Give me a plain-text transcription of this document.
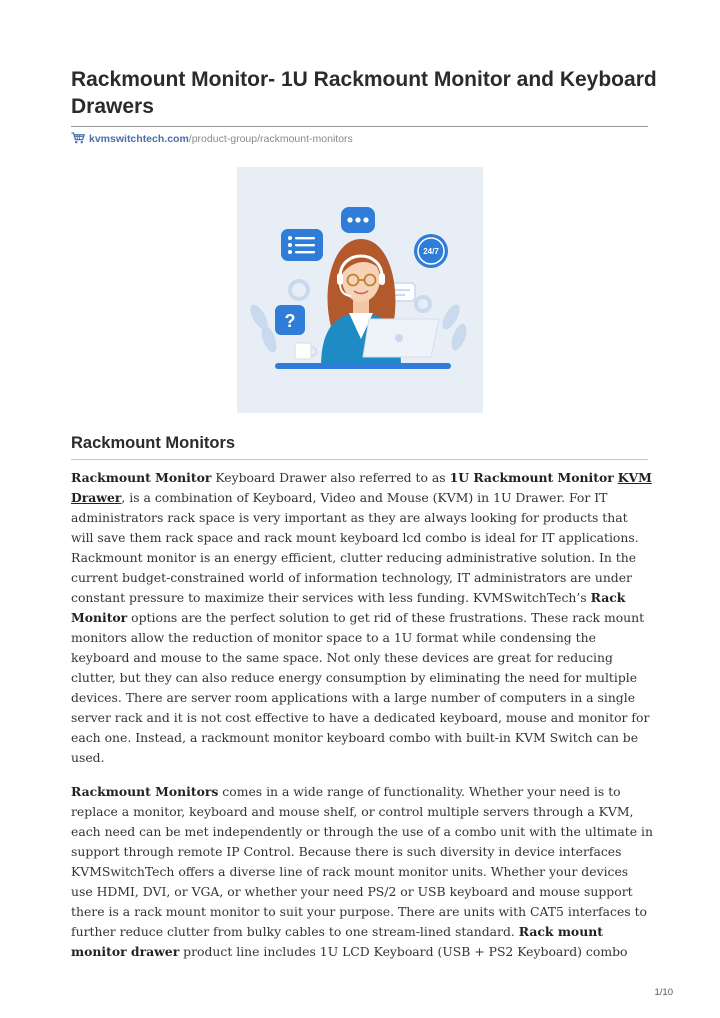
Rackmount Monitor- 1U Rackmount Monitor and Keyboard Drawers
kvmswitchtech.com/product-group/rackmount-monitors
24/7
?
Rackmount Monitors

Rackmount Monitor Keyboard Drawer also referred to as 1U Rackmount Monitor KVM Drawer, is a combination of Keyboard, Video and Mouse (KVM) in 1U Drawer. For IT administrators rack space is very important as they are always looking for products that will save them rack space and rack mount keyboard lcd combo is ideal for IT applications. Rackmount monitor is an energy efficient, clutter reducing administrative solution. In the current budget-constrained world of information technology, IT administrators are under constant pressure to maximize their services with less funding. KVMSwitchTech’s Rack Monitor options are the perfect solution to get rid of these frustrations. These rack mount monitors allow the reduction of monitor space to a 1U format while condensing the keyboard and mouse to the same space. Not only these devices are great for reducing clutter, but they can also reduce energy consumption by eliminating the need for multiple devices. There are server room applications with a large number of computers in a single server rack and it is not cost effective to have a dedicated keyboard, mouse and monitor for each one. Instead, a rackmount monitor keyboard combo with built-in KVM Switch can be used.

Rackmount Monitors comes in a wide range of functionality. Whether your need is to replace a monitor, keyboard and mouse shelf, or control multiple servers through a KVM, each need can be met independently or through the use of a combo unit with the ultimate in support through remote IP Control. Because there is such diversity in device interfaces KVMSwitchTech offers a diverse line of rack mount monitor units. Whether your devices use HDMI, DVI, or VGA, or whether your need PS/2 or USB keyboard and mouse support there is a rack mount monitor to suit your purpose. There are units with CAT5 interfaces to further reduce clutter from bulky cables to one stream-lined standard. Rack mount monitor drawer product line includes 1U LCD Keyboard (USB + PS2 Keyboard) combo

1/10
